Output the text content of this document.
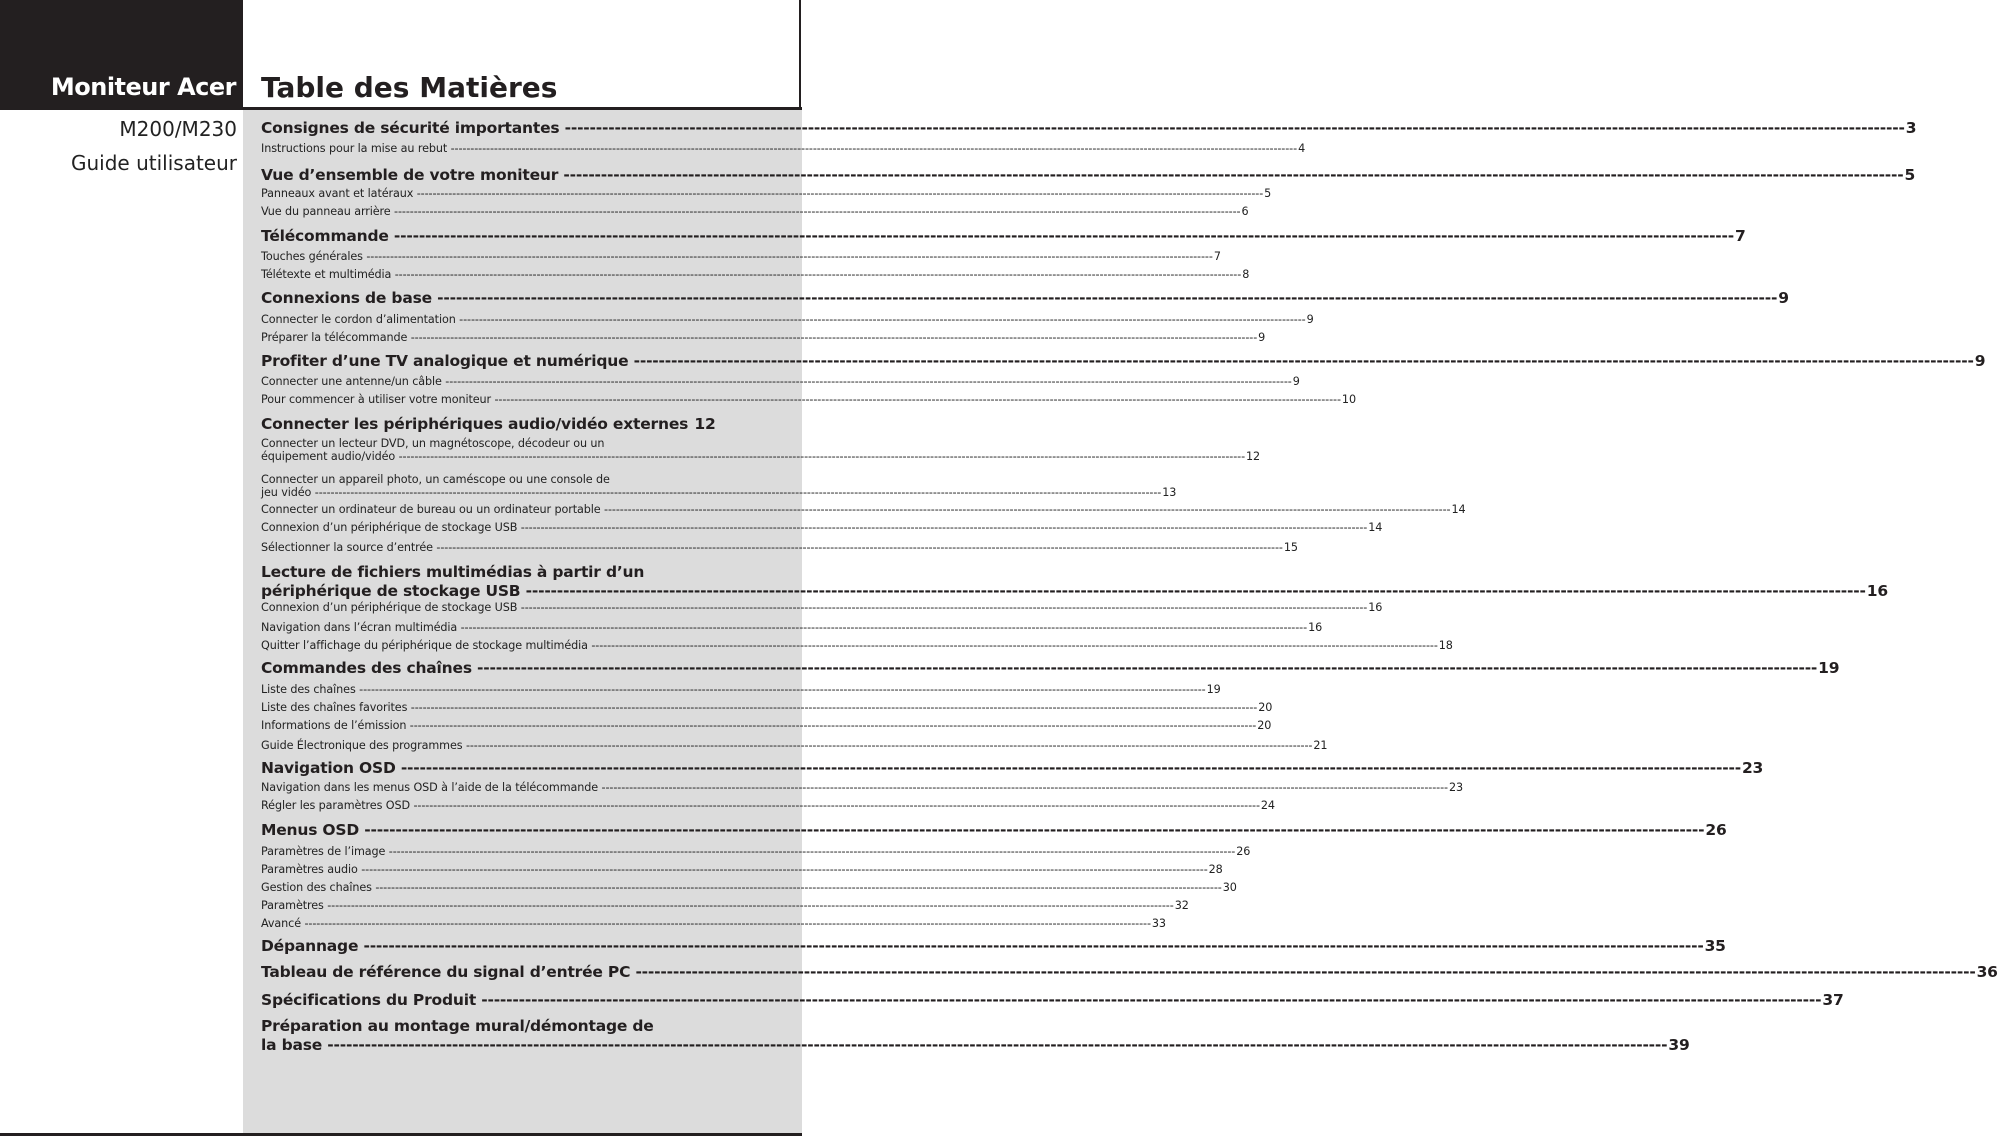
Moniteur Acer
M200/M230
Guide utilisateur
Table des Matières
Consignes de sécurité importantes -----	3
Instructions pour la mise au rebut -----	4
Vue d’ensemble de votre moniteur -----	5
Panneaux avant et latéraux -----	5
Vue du panneau arrière -----	6
Télécommande -----	7
Touches générales -----	7
Télétexte et multimédia -----	8
Connexions de base -----	9
Connecter le cordon d’alimentation -----	9
Préparer la télécommande -----	9
Profiter d’une TV analogique et numérique -----	9
Connecter une antenne/un câble -----	9
Pour commencer à utiliser votre moniteur -----	10
Connecter les périphériques audio/vidéo externes 12
Connecter un lecteur DVD, un magnétoscope, décodeur ou un
équipement audio/vidéo -----	12
Connecter un appareil photo, un caméscope ou une console de
jeu vidéo -----	13
Connecter un ordinateur de bureau ou un ordinateur portable -----	14
Connexion d’un périphérique de stockage USB -----	14
Sélectionner la source d’entrée -----	15
Lecture de fichiers multimédias à partir d’un
périphérique de stockage USB -----	16
Connexion d’un périphérique de stockage USB -----	16
Navigation dans l’écran multimédia -----	16
Quitter l’affichage du périphérique de stockage multimédia -----	18
Commandes des chaînes -----	19
Liste des chaînes -----	19
Liste des chaînes favorites -----	20
Informations de l’émission -----	20
Guide Électronique des programmes -----	21
Navigation OSD -----	23
Navigation dans les menus OSD à l’aide de la télécommande -----	23
Régler les paramètres OSD -----	24
Menus OSD -----	26
Paramètres de l’image -----	26
Paramètres audio -----	28
Gestion des chaînes -----	30
Paramètres -----	32
Avancé -----	33
Dépannage -----	35
Tableau de référence du signal d’entrée PC -----	36
Spécifications du Produit -----	37
Préparation au montage mural/démontage de
la base -----	39
